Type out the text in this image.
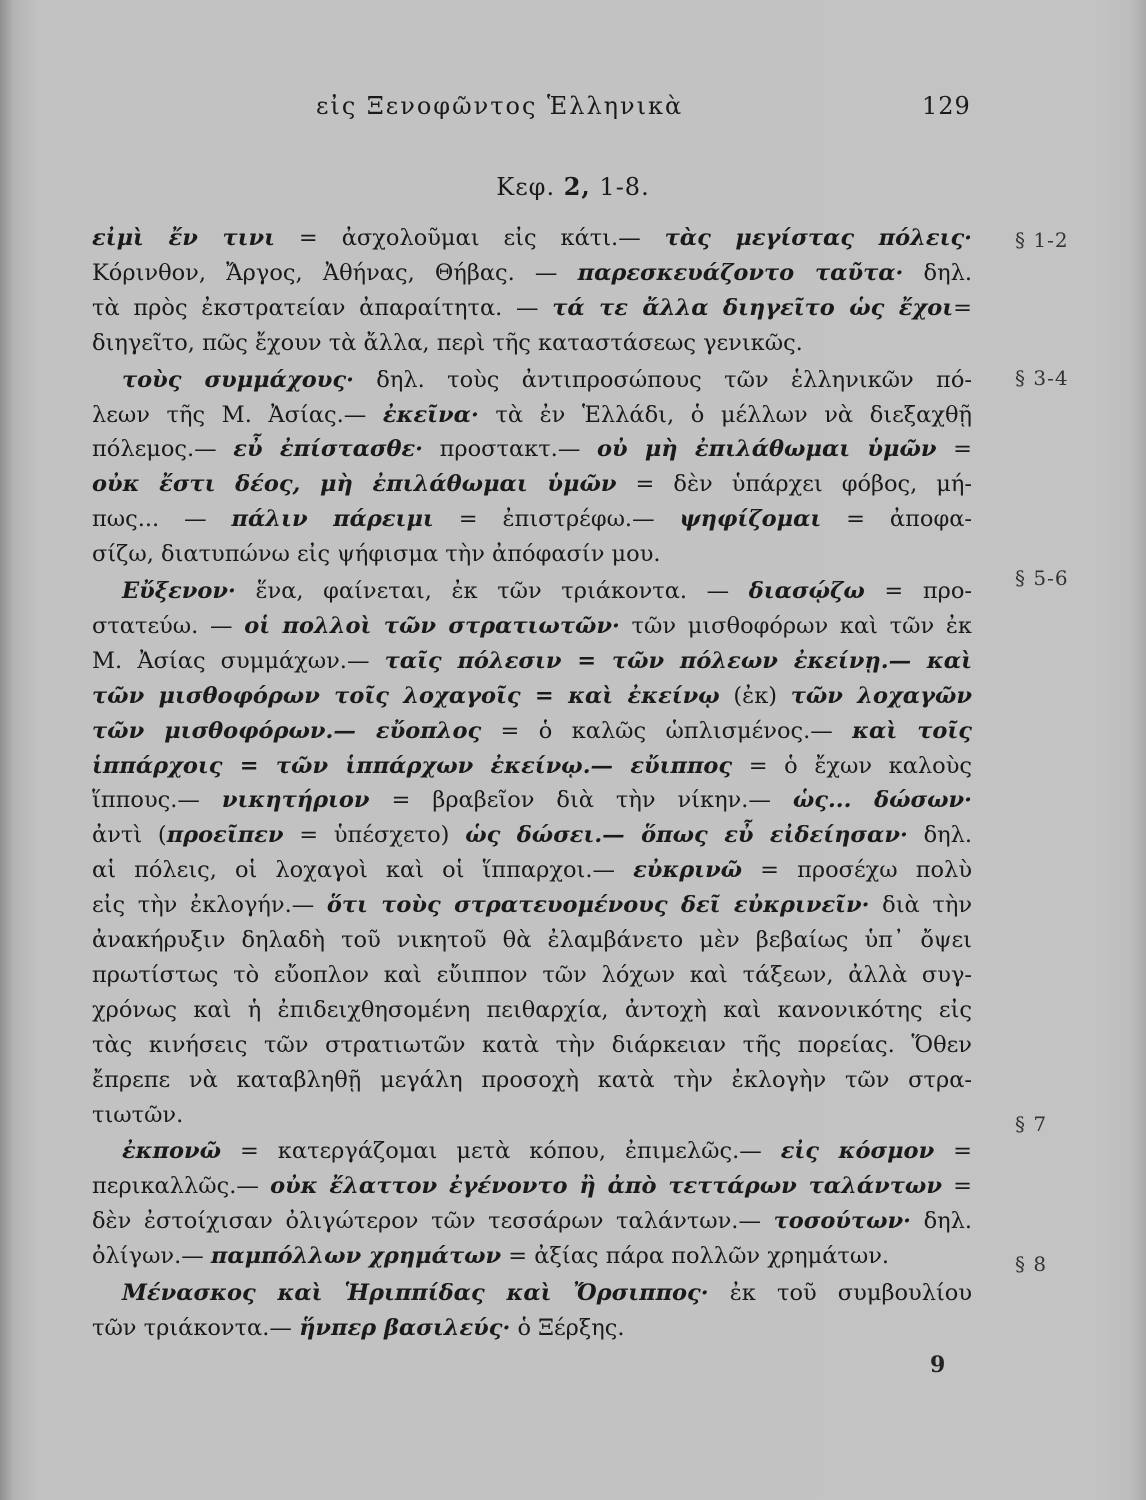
εἰς Ξενοφῶντος Ἑλληνικὰ	129
Κεφ. 2, 1-8.
εἰμὶ ἔν τινι = ἀσχολοῦμαι εἰς κάτι.— τὰς μεγίστας πόλεις·
Κόρινθον, Ἄργος, Ἀθήνας, Θήβας. — παρεσκευάζοντο ταῦτα· δηλ.
τὰ πρὸς ἐκστρατείαν ἀπαραίτητα. — τά τε ἄλλα διηγεῖτο ὡς ἔχοι=
διηγεῖτο, πῶς ἔχουν τὰ ἄλλα, περὶ τῆς καταστάσεως γενικῶς.
τοὺς συμμάχους· δηλ. τοὺς ἀντιπροσώπους τῶν ἑλληνικῶν πό-
λεων τῆς Μ. Ἀσίας.— ἐκεῖνα· τὰ ἐν Ἑλλάδι, ὁ μέλλων νὰ διεξαχθῇ
πόλεμος.— εὖ ἐπίστασθε· προστακτ.— οὐ μὴ ἐπιλάθωμαι ὑμῶν =
οὐκ ἔστι δέος, μὴ ἐπιλάθωμαι ὑμῶν = δὲν ὑπάρχει φόβος, μή-
πως... — πάλιν πάρειμι = ἐπιστρέφω.— ψηφίζομαι = ἀποφα-
σίζω, διατυπώνω εἰς ψήφισμα τὴν ἀπόφασίν μου.
Εὔξενον· ἕνα, φαίνεται, ἐκ τῶν τριάκοντα. — διασῴζω = προ-
στατεύω. — οἱ πολλοὶ τῶν στρατιωτῶν· τῶν μισθοφόρων καὶ τῶν ἐκ
Μ. Ἀσίας συμμάχων.— ταῖς πόλεσιν = τῶν πόλεων ἐκείνῃ.— καὶ
τῶν μισθοφόρων τοῖς λοχαγοῖς = καὶ ἐκείνῳ (ἐκ) τῶν λοχαγῶν
τῶν μισθοφόρων.— εὔοπλος = ὁ καλῶς ὡπλισμένος.— καὶ τοῖς
ἱππάρχοις = τῶν ἱππάρχων ἐκείνῳ.— εὔιππος = ὁ ἔχων καλοὺς
ἵππους.— νικητήριον = βραβεῖον διὰ τὴν νίκην.— ὡς... δώσων·
ἀντὶ (προεῖπεν = ὑπέσχετο) ὡς δώσει.— ὅπως εὖ εἰδείησαν· δηλ.
αἱ πόλεις, οἱ λοχαγοὶ καὶ οἱ ἵππαρχοι.— εὐκρινῶ = προσέχω πολὺ
εἰς τὴν ἐκλογήν.— ὅτι τοὺς στρατευομένους δεῖ εὐκρινεῖν· διὰ τὴν
ἀνακήρυξιν δηλαδὴ τοῦ νικητοῦ θὰ ἐλαμβάνετο μὲν βεβαίως ὑπ᾽ ὄψει
πρωτίστως τὸ εὔοπλον καὶ εὔιππον τῶν λόχων καὶ τάξεων, ἀλλὰ συγ-
χρόνως καὶ ἡ ἐπιδειχθησομένη πειθαρχία, ἀντοχὴ καὶ κανονικότης εἰς
τὰς κινήσεις τῶν στρατιωτῶν κατὰ τὴν διάρκειαν τῆς πορείας. Ὅθεν
ἔπρεπε νὰ καταβληθῇ μεγάλη προσοχὴ κατὰ τὴν ἐκλογὴν τῶν στρα-
τιωτῶν.
ἐκπονῶ = κατεργάζομαι μετὰ κόπου, ἐπιμελῶς.— εἰς κόσμον =
περικαλλῶς.— οὐκ ἔλαττον ἐγένοντο ἢ ἀπὸ τεττάρων ταλάντων =
δὲν ἐστοίχισαν ὀλιγώτερον τῶν τεσσάρων ταλάντων.— τοσούτων· δηλ.
ὀλίγων.— παμπόλλων χρημάτων = ἀξίας πάρα πολλῶν χρημάτων.
Μένασκος καὶ Ἡριππίδας καὶ Ὄρσιππος· ἐκ τοῦ συμβουλίου
τῶν τριάκοντα.— ἥνπερ βασιλεύς· ὁ Ξέρξης.
§ 1-2
§ 3-4
§ 5-6
§ 7
§ 8
9
